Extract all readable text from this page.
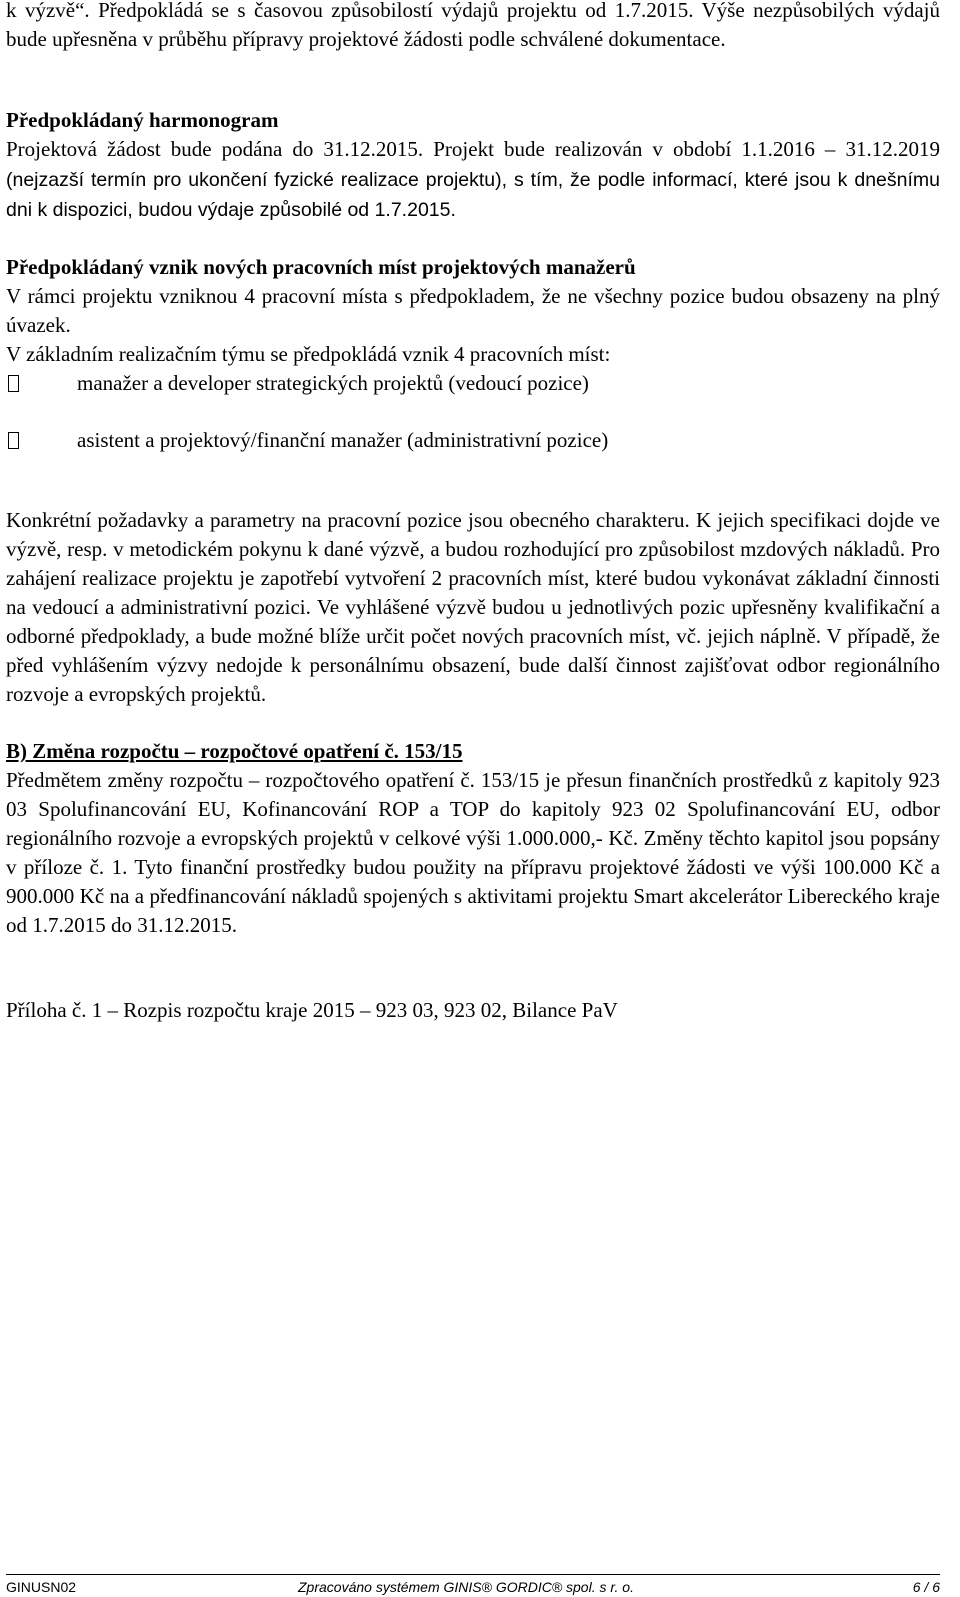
k výzvě“. Předpokládá se s časovou způsobilostí výdajů projektu od 1.7.2015. Výše nezpůsobilých výdajů bude upřesněna v průběhu přípravy projektové žádosti podle schválené dokumentace.

Předpokládaný harmonogram

Projektová žádost bude podána do 31.12.2015. Projekt bude realizován v období 1.1.2016 – 31.12.2019 (nejzazší termín pro ukončení fyzické realizace projektu), s tím, že podle informací, které jsou k dnešnímu dni k dispozici, budou výdaje způsobilé od 1.7.2015.

Předpokládaný vznik nových pracovních míst projektových manažerů

V rámci projektu vzniknou 4 pracovní místa s předpokladem, že ne všechny pozice budou obsazeny na plný úvazek.

V základním realizačním týmu se předpokládá vznik 4 pracovních míst:

manažer a developer strategických projektů (vedoucí pozice)
asistent a projektový/finanční manažer (administrativní pozice)

Konkrétní požadavky a parametry na pracovní pozice jsou obecného charakteru. K jejich specifikaci dojde ve výzvě, resp. v metodickém pokynu k dané výzvě, a budou rozhodující pro způsobilost mzdových nákladů. Pro zahájení realizace projektu je zapotřebí vytvoření 2 pracovních míst, které budou vykonávat základní činnosti na vedoucí a administrativní pozici. Ve vyhlášené výzvě budou u jednotlivých pozic upřesněny kvalifikační a odborné předpoklady, a bude možné blíže určit počet nových pracovních míst, vč. jejich náplně. V případě, že před vyhlášením výzvy nedojde k personálnímu obsazení, bude další činnost zajišťovat odbor regionálního rozvoje a evropských projektů.

B) Změna rozpočtu – rozpočtové opatření č. 153/15

Předmětem změny rozpočtu – rozpočtového opatření č. 153/15 je přesun finančních prostředků z kapitoly 923 03 Spolufinancování EU, Kofinancování ROP a TOP do kapitoly 923 02 Spolufinancování EU, odbor regionálního rozvoje a evropských projektů v celkové výši 1.000.000,- Kč. Změny těchto kapitol jsou popsány v příloze č. 1. Tyto finanční prostředky budou použity na přípravu projektové žádosti ve výši 100.000 Kč a 900.000 Kč na a předfinancování nákladů spojených s aktivitami projektu Smart akcelerátor Libereckého kraje od 1.7.2015 do 31.12.2015.

Příloha č. 1 – Rozpis rozpočtu kraje 2015 – 923 03, 923 02, Bilance PaV

GINUSN02	Zpracováno systémem GINIS® GORDIC® spol. s r. o.	6 / 6
